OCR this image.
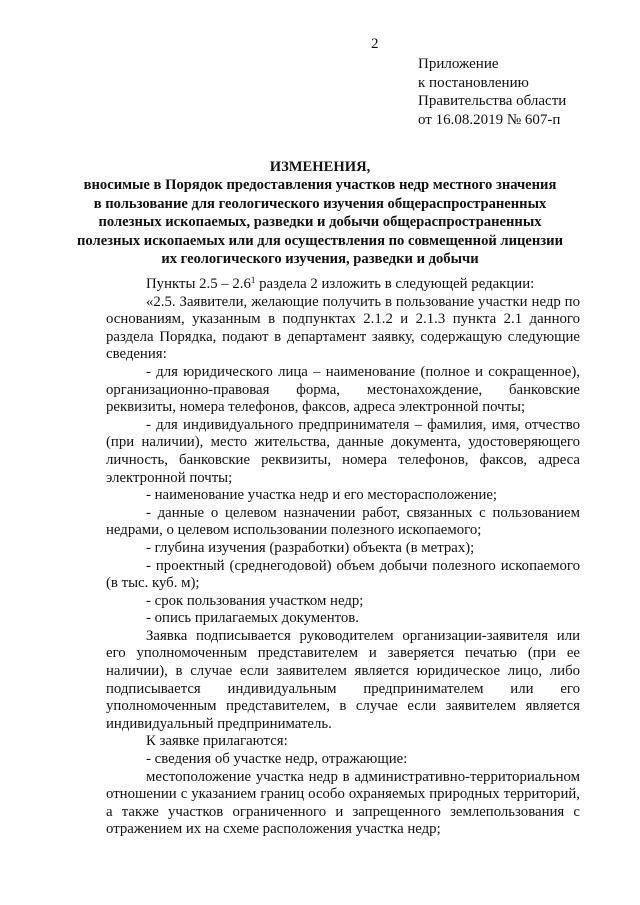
2
Приложение
к постановлению
Правительства области
от 16.08.2019 № 607-п
ИЗМЕНЕНИЯ,
вносимые в Порядок предоставления участков недр местного значения
в пользование для геологического изучения общераспространенных
полезных ископаемых, разведки и добычи общераспространенных
полезных ископаемых или для осуществления по совмещенной лицензии
их геологического изучения, разведки и добычи

Пункты $2.5 - 2.6^1$ раздела 2 изложить в следующей редакции:

«2.5. Заявители, желающие получить в пользование участки недр по основаниям, указанным в подпунктах 2.1.2 и 2.1.3 пункта 2.1 данного раздела Порядка, подают в департамент заявку, содержащую следующие сведения:

- для юридического лица – наименование (полное и сокращенное), организационно-правовая форма, местонахождение, банковские реквизиты, номера телефонов, факсов, адреса электронной почты;

- для индивидуального предпринимателя – фамилия, имя, отчество (при наличии), место жительства, данные документа, удостоверяющего личность, банковские реквизиты, номера телефонов, факсов, адреса электронной почты;

- наименование участка недр и его месторасположение;

- данные о целевом назначении работ, связанных с пользованием недрами, о целевом использовании полезного ископаемого;

- глубина изучения (разработки) объекта (в метрах);

- проектный (среднегодовой) объем добычи полезного ископаемого (в тыс. куб. м);

- срок пользования участком недр;

- опись прилагаемых документов.

Заявка подписывается руководителем организации-заявителя или его уполномоченным представителем и заверяется печатью (при ее наличии), в случае если заявителем является юридическое лицо, либо подписывается индивидуальным предпринимателем или его уполномоченным представителем, в случае если заявителем является индивидуальный предприниматель.

К заявке прилагаются:

- сведения об участке недр, отражающие:

местоположение участка недр в административно-территориальном отношении с указанием границ особо охраняемых природных территорий, а также участков ограниченного и запрещенного землепользования с отражением их на схеме расположения участка недр;
